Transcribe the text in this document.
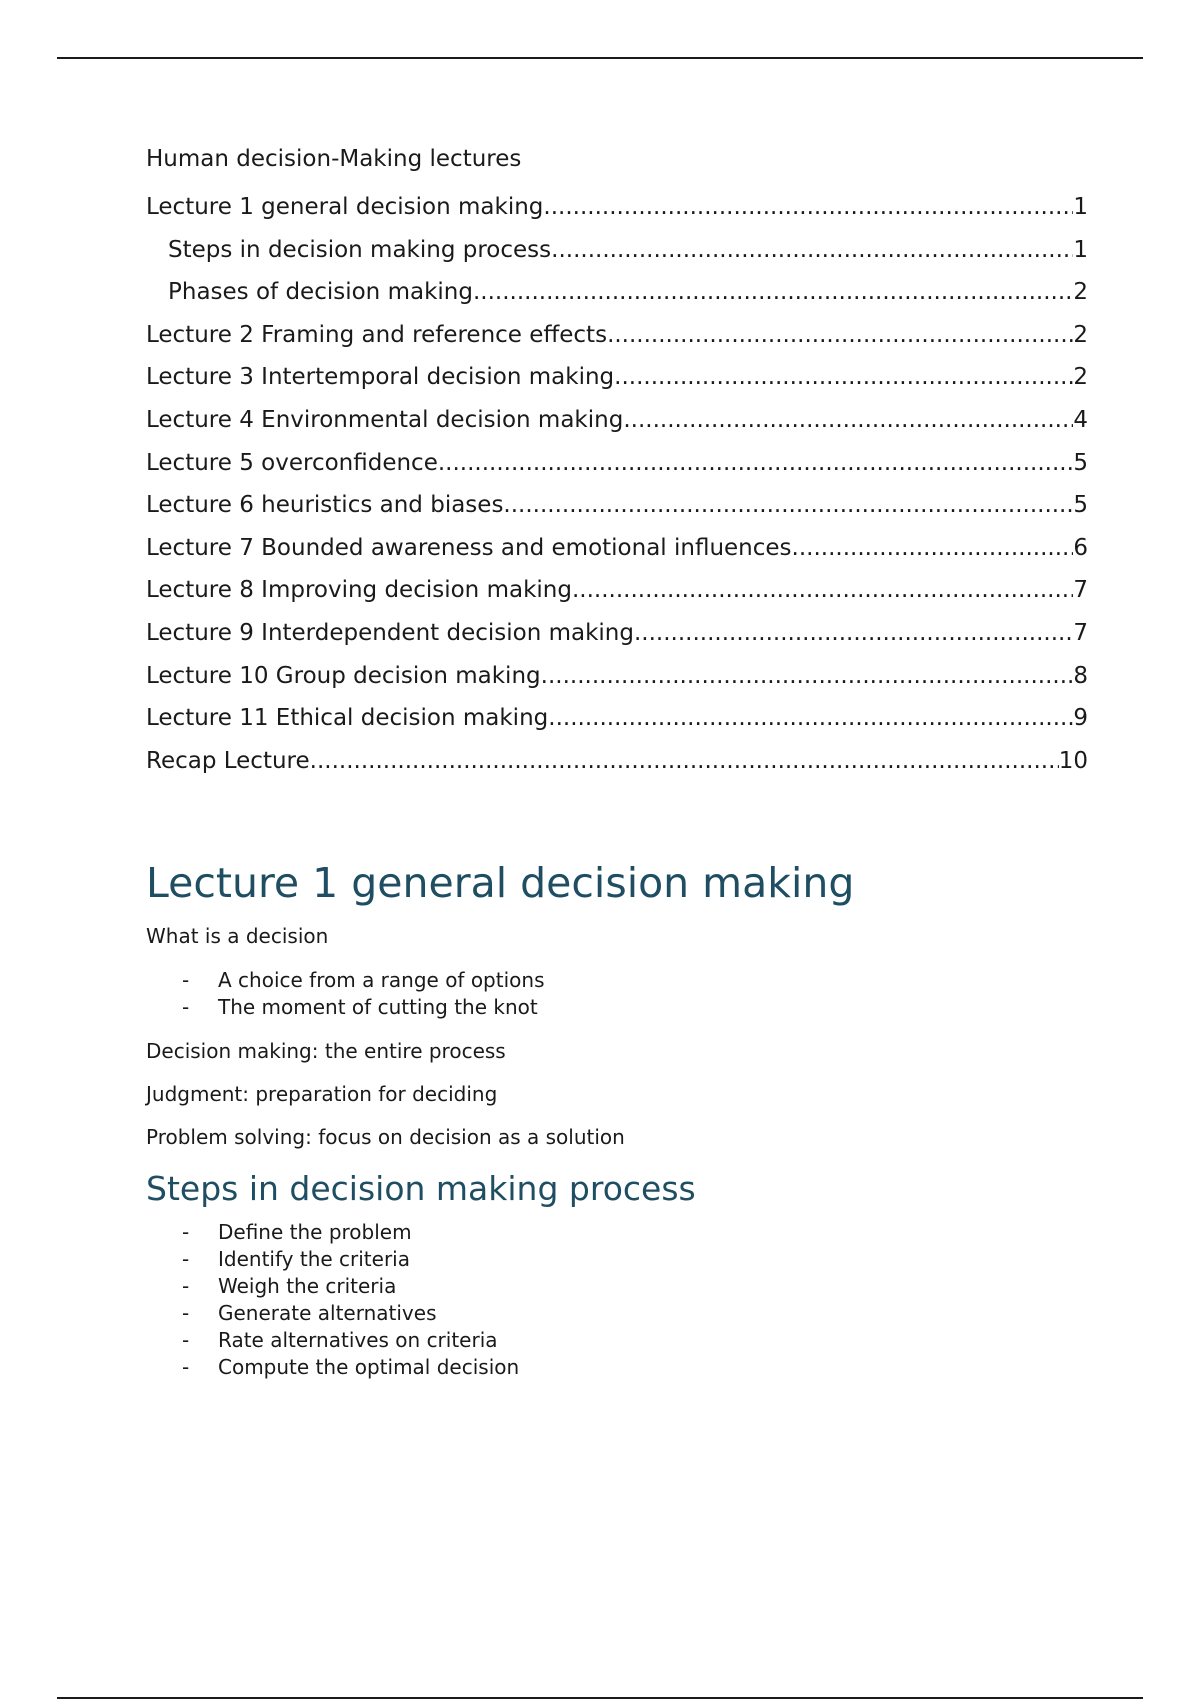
Human decision-Making lectures
Lecture 1 general decision making .....	1
Steps in decision making process .....	1
Phases of decision making .....	2
Lecture 2 Framing and reference effects .....	2
Lecture 3 Intertemporal decision making .....	2
Lecture 4 Environmental decision making .....	4
Lecture 5 overconfidence .....	5
Lecture 6 heuristics and biases .....	5
Lecture 7 Bounded awareness and emotional influences .....	6
Lecture 8 Improving decision making .....	7
Lecture 9 Interdependent decision making .....	7
Lecture 10 Group decision making .....	8
Lecture 11 Ethical decision making .....	9
Recap Lecture .....	10
Lecture 1 general decision making
What is a decision
-	A choice from a range of options
-	The moment of cutting the knot
Decision making: the entire process
Judgment: preparation for deciding
Problem solving: focus on decision as a solution
Steps in decision making process
-	Define the problem
-	Identify the criteria
-	Weigh the criteria
-	Generate alternatives
-	Rate alternatives on criteria
-	Compute the optimal decision
